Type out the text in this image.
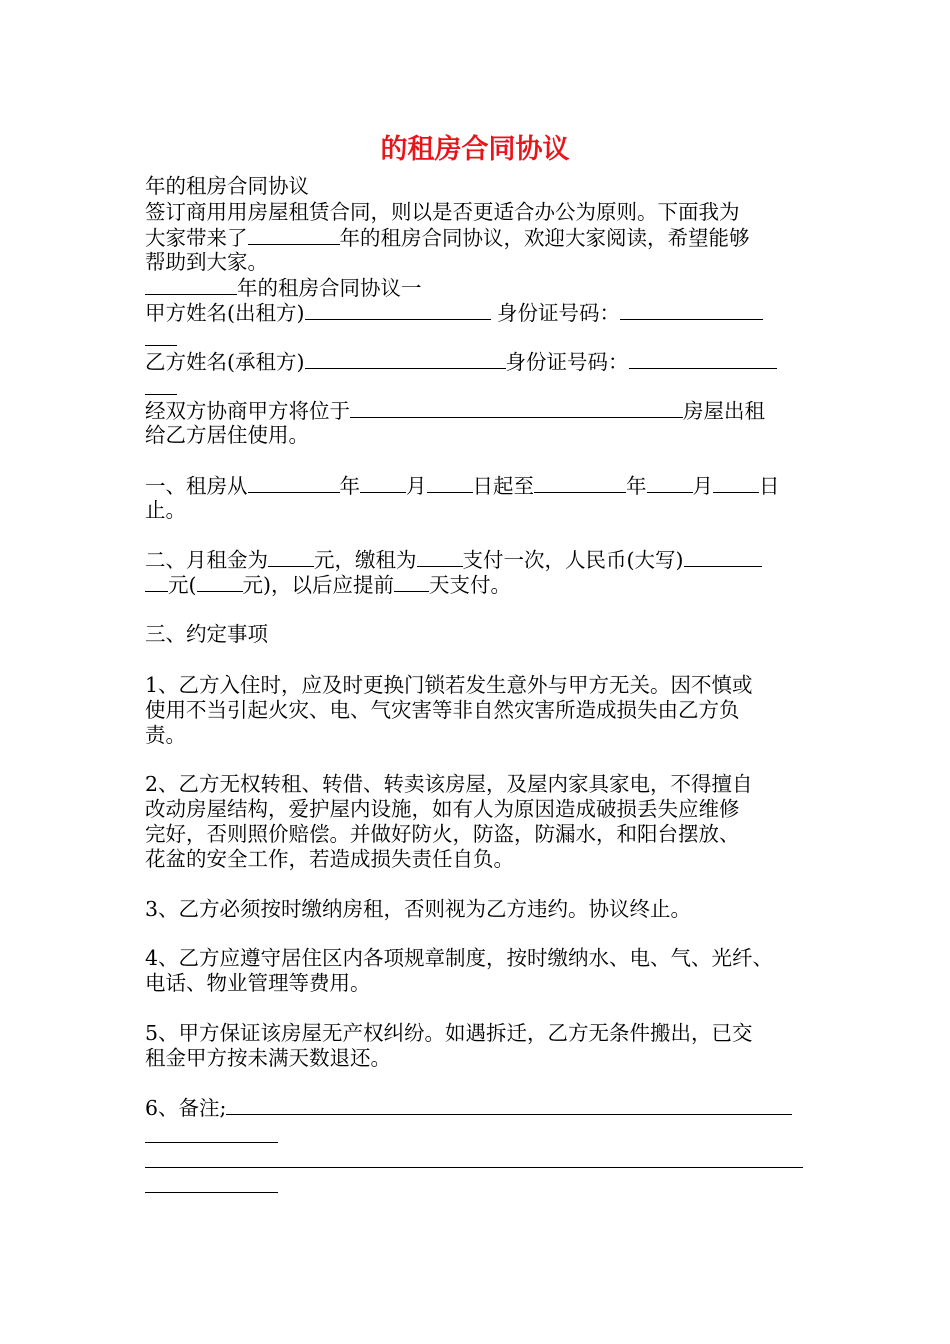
的租房合同协议
年的租房合同协议
签订商用用房屋租赁合同，则以是否更适合办公为原则。下面我为
大家带来了	年的租房合同协议，欢迎大家阅读，希望能够
帮助到大家。
年的租房合同协议一
甲方姓名(出租方)	身份证号码：
乙方姓名(承租方)	身份证号码：
经双方协商甲方将位于	房屋出租
给乙方居住使用。
一、租房从	年 月 日起至	年 月 日
止。
二、月租金为 元，缴租为 支付一次，人民币(大写)
元( 元)，以后应提前 天支付。
三、约定事项
1、乙方入住时，应及时更换门锁若发生意外与甲方无关。因不慎或
使用不当引起火灾、电、气灾害等非自然灾害所造成损失由乙方负
责。
2、乙方无权转租、转借、转卖该房屋，及屋内家具家电，不得擅自
改动房屋结构，爱护屋内设施，如有人为原因造成破损丢失应维修
完好，否则照价赔偿。并做好防火，防盗，防漏水，和阳台摆放、
花盆的安全工作，若造成损失责任自负。
3、乙方必须按时缴纳房租，否则视为乙方违约。协议终止。
4、乙方应遵守居住区内各项规章制度，按时缴纳水、电、气、光纤、
电话、物业管理等费用。
5、甲方保证该房屋无产权纠纷。如遇拆迁，乙方无条件搬出，已交
租金甲方按未满天数退还。
6、备注;
